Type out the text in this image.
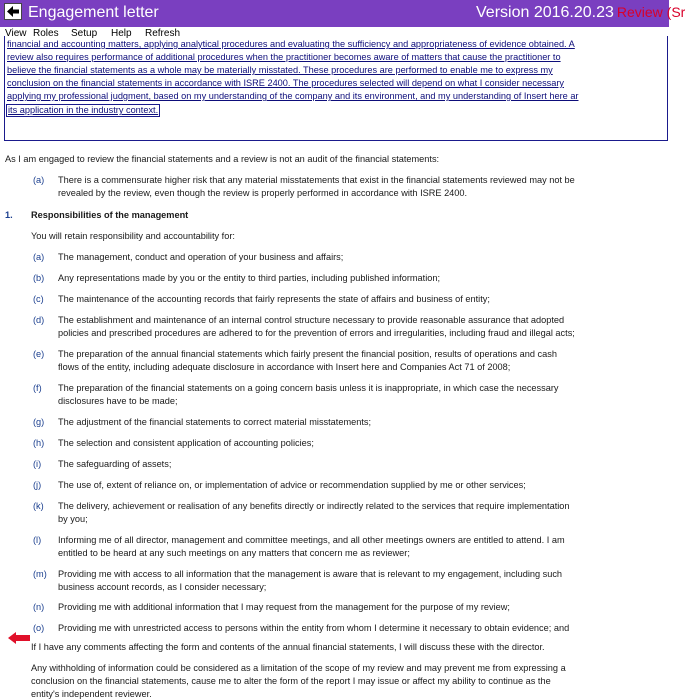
Engagement letter	Version 2016.20.23 Review (Sr
View Roles Setup Help Refresh
financial and accounting matters, applying analytical procedures and evaluating the sufficiency and appropriateness of evidence obtained. A
review also requires performance of additional procedures when the practitioner becomes aware of matters that cause the practitioner to
believe the financial statements as a whole may be materially misstated. These procedures are performed to enable me to express my
conclusion on the financial statements in accordance with ISRE 2400. The procedures selected will depend on what I consider necessary
applying my professional judgment, based on my understanding of the company and its environment, and my understanding of Insert here ar
its application in the industry context.
As I am engaged to review the financial statements and a review is not an audit of the financial statements:
(a) There is a commensurate higher risk that any material misstatements that exist in the financial statements reviewed may not be
revealed by the review, even though the review is properly performed in accordance with ISRE 2400.
1. Responsibilities of the management
You will retain responsibility and accountability for:
(a) The management, conduct and operation of your business and affairs;
(b) Any representations made by you or the entity to third parties, including published information;
(c) The maintenance of the accounting records that fairly represents the state of affairs and business of entity;
(d) The establishment and maintenance of an internal control structure necessary to provide reasonable assurance that adopted
policies and prescribed procedures are adhered to for the prevention of errors and irregularities, including fraud and illegal acts;
(e) The preparation of the annual financial statements which fairly present the financial position, results of operations and cash
flows of the entity, including adequate disclosure in accordance with Insert here and Companies Act 71 of 2008;
(f) The preparation of the financial statements on a going concern basis unless it is inappropriate, in which case the necessary
disclosures have to be made;
(g) The adjustment of the financial statements to correct material misstatements;
(h) The selection and consistent application of accounting policies;
(i) The safeguarding of assets;
(j) The use of, extent of reliance on, or implementation of advice or recommendation supplied by me or other services;
(k) The delivery, achievement or realisation of any benefits directly or indirectly related to the services that require implementation
by you;
(l) Informing me of all director, management and committee meetings, and all other meetings owners are entitled to attend. I am
entitled to be heard at any such meetings on any matters that concern me as reviewer;
(m) Providing me with access to all information that the management is aware that is relevant to my engagement, including such
business account records, as I consider necessary;
(n) Providing me with additional information that I may request from the management for the purpose of my review;
(o) Providing me with unrestricted access to persons within the entity from whom I determine it necessary to obtain evidence; and
If I have any comments affecting the form and contents of the annual financial statements, I will discuss these with the director.
Any withholding of information could be considered as a limitation of the scope of my review and may prevent me from expressing a
conclusion on the financial statements, cause me to alter the form of the report I may issue or affect my ability to continue as the
entity's independent reviewer.
